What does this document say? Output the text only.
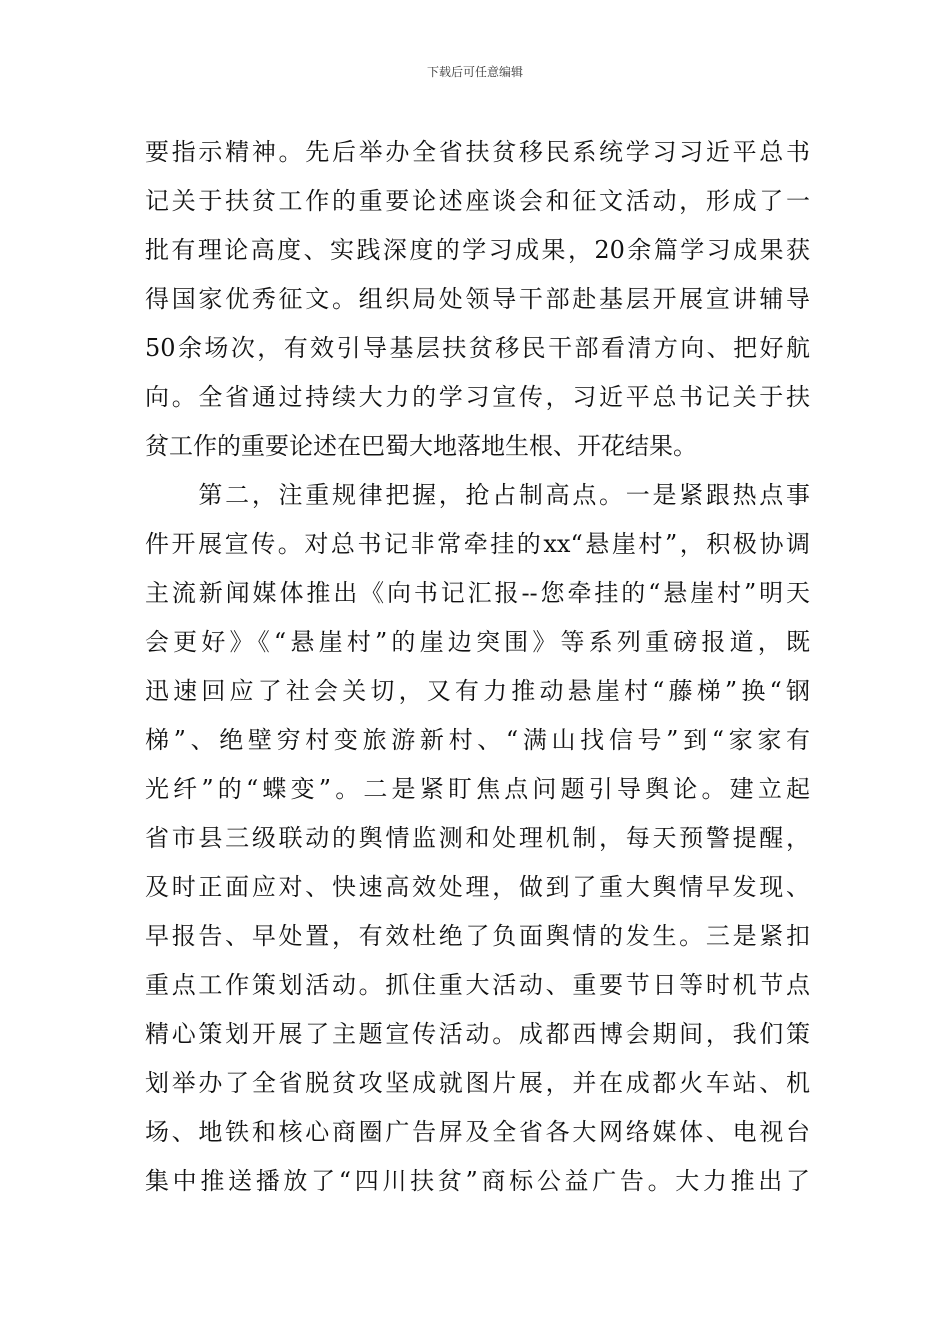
下载后可任意编辑
要指示精神。先后举办全省扶贫移民系统学习习近平总书
记关于扶贫工作的重要论述座谈会和征文活动，形成了一
批有理论高度、实践深度的学习成果，20余篇学习成果获
得国家优秀征文。组织局处领导干部赴基层开展宣讲辅导
50余场次，有效引导基层扶贫移民干部看清方向、把好航
向。全省通过持续大力的学习宣传，习近平总书记关于扶
贫工作的重要论述在巴蜀大地落地生根、开花结果。
　　第二，注重规律把握，抢占制高点。一是紧跟热点事
件开展宣传。对总书记非常牵挂的xx“悬崖村”，积极协调
主流新闻媒体推出《向书记汇报--您牵挂的“悬崖村”明天
会更好》《“悬崖村”的崖边突围》等系列重磅报道，既
迅速回应了社会关切，又有力推动悬崖村“藤梯”换“钢
梯”、绝壁穷村变旅游新村、“满山找信号”到“家家有
光纤”的“蝶变”。二是紧盯焦点问题引导舆论。建立起
省市县三级联动的舆情监测和处理机制，每天预警提醒，
及时正面应对、快速高效处理，做到了重大舆情早发现、
早报告、早处置，有效杜绝了负面舆情的发生。三是紧扣
重点工作策划活动。抓住重大活动、重要节日等时机节点
精心策划开展了主题宣传活动。成都西博会期间，我们策
划举办了全省脱贫攻坚成就图片展，并在成都火车站、机
场、地铁和核心商圈广告屏及全省各大网络媒体、电视台
集中推送播放了“四川扶贫”商标公益广告。大力推出了
